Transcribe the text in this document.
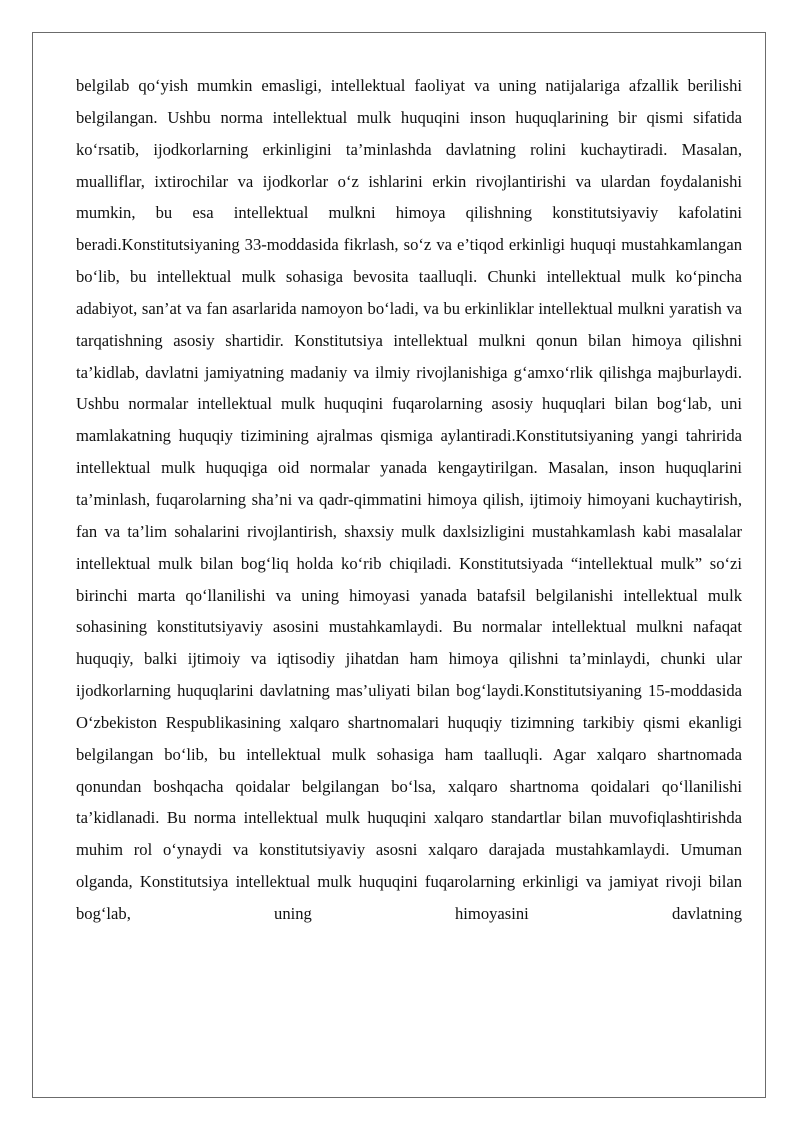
belgilab qo‘yish mumkin emasligi, intellektual faoliyat va uning natijalariga afzallik berilishi belgilangan. Ushbu norma intellektual mulk huquqini inson huquqlarining bir qismi sifatida ko‘rsatib, ijodkorlarning erkinligini ta’minlashda davlatning rolini kuchaytiradi. Masalan, mualliflar, ixtirochilar va ijodkorlar o‘z ishlarini erkin rivojlantirishi va ulardan foydalanishi mumkin, bu esa intellektual mulkni himoya qilishning konstitutsiyaviy kafolatini beradi.Konstitutsiyaning 33-moddasida fikrlash, so‘z va e’tiqod erkinligi huquqi mustahkamlangan bo‘lib, bu intellektual mulk sohasiga bevosita taalluqli. Chunki intellektual mulk ko‘pincha adabiyot, san’at va fan asarlarida namoyon bo‘ladi, va bu erkinliklar intellektual mulkni yaratish va tarqatishning asosiy shartidir. Konstitutsiya intellektual mulkni qonun bilan himoya qilishni ta’kidlab, davlatni jamiyatning madaniy va ilmiy rivojlanishiga g‘amxo‘rlik qilishga majburlaydi. Ushbu normalar intellektual mulk huquqini fuqarolarning asosiy huquqlari bilan bog‘lab, uni mamlakatning huquqiy tizimining ajralmas qismiga aylantiradi.Konstitutsiyaning yangi tahririda intellektual mulk huquqiga oid normalar yanada kengaytirilgan. Masalan, inson huquqlarini ta’minlash, fuqarolarning sha’ni va qadr-qimmatini himoya qilish, ijtimoiy himoyani kuchaytirish, fan va ta’lim sohalarini rivojlantirish, shaxsiy mulk daxlsizligini mustahkamlash kabi masalalar intellektual mulk bilan bog‘liq holda ko‘rib chiqiladi. Konstitutsiyada “intellektual mulk” so‘zi birinchi marta qo‘llanilishi va uning himoyasi yanada batafsil belgilanishi intellektual mulk sohasining konstitutsiyaviy asosini mustahkamlaydi. Bu normalar intellektual mulkni nafaqat huquqiy, balki ijtimoiy va iqtisodiy jihatdan ham himoya qilishni ta’minlaydi, chunki ular ijodkorlarning huquqlarini davlatning mas’uliyati bilan bog‘laydi.Konstitutsiyaning 15-moddasida O‘zbekiston Respublikasining xalqaro shartnomalari huquqiy tizimning tarkibiy qismi ekanligi belgilangan bo‘lib, bu intellektual mulk sohasiga ham taalluqli. Agar xalqaro shartnomada qonundan boshqacha qoidalar belgilangan bo‘lsa, xalqaro shartnoma qoidalari qo‘llanilishi ta’kidlanadi. Bu norma intellektual mulk huquqini xalqaro standartlar bilan muvofiqlashtirishda muhim rol o‘ynaydi va konstitutsiyaviy asosni xalqaro darajada mustahkamlaydi. Umuman olganda, Konstitutsiya intellektual mulk huquqini fuqarolarning erkinligi va jamiyat rivoji bilan bog‘lab, uning himoyasini davlatning
